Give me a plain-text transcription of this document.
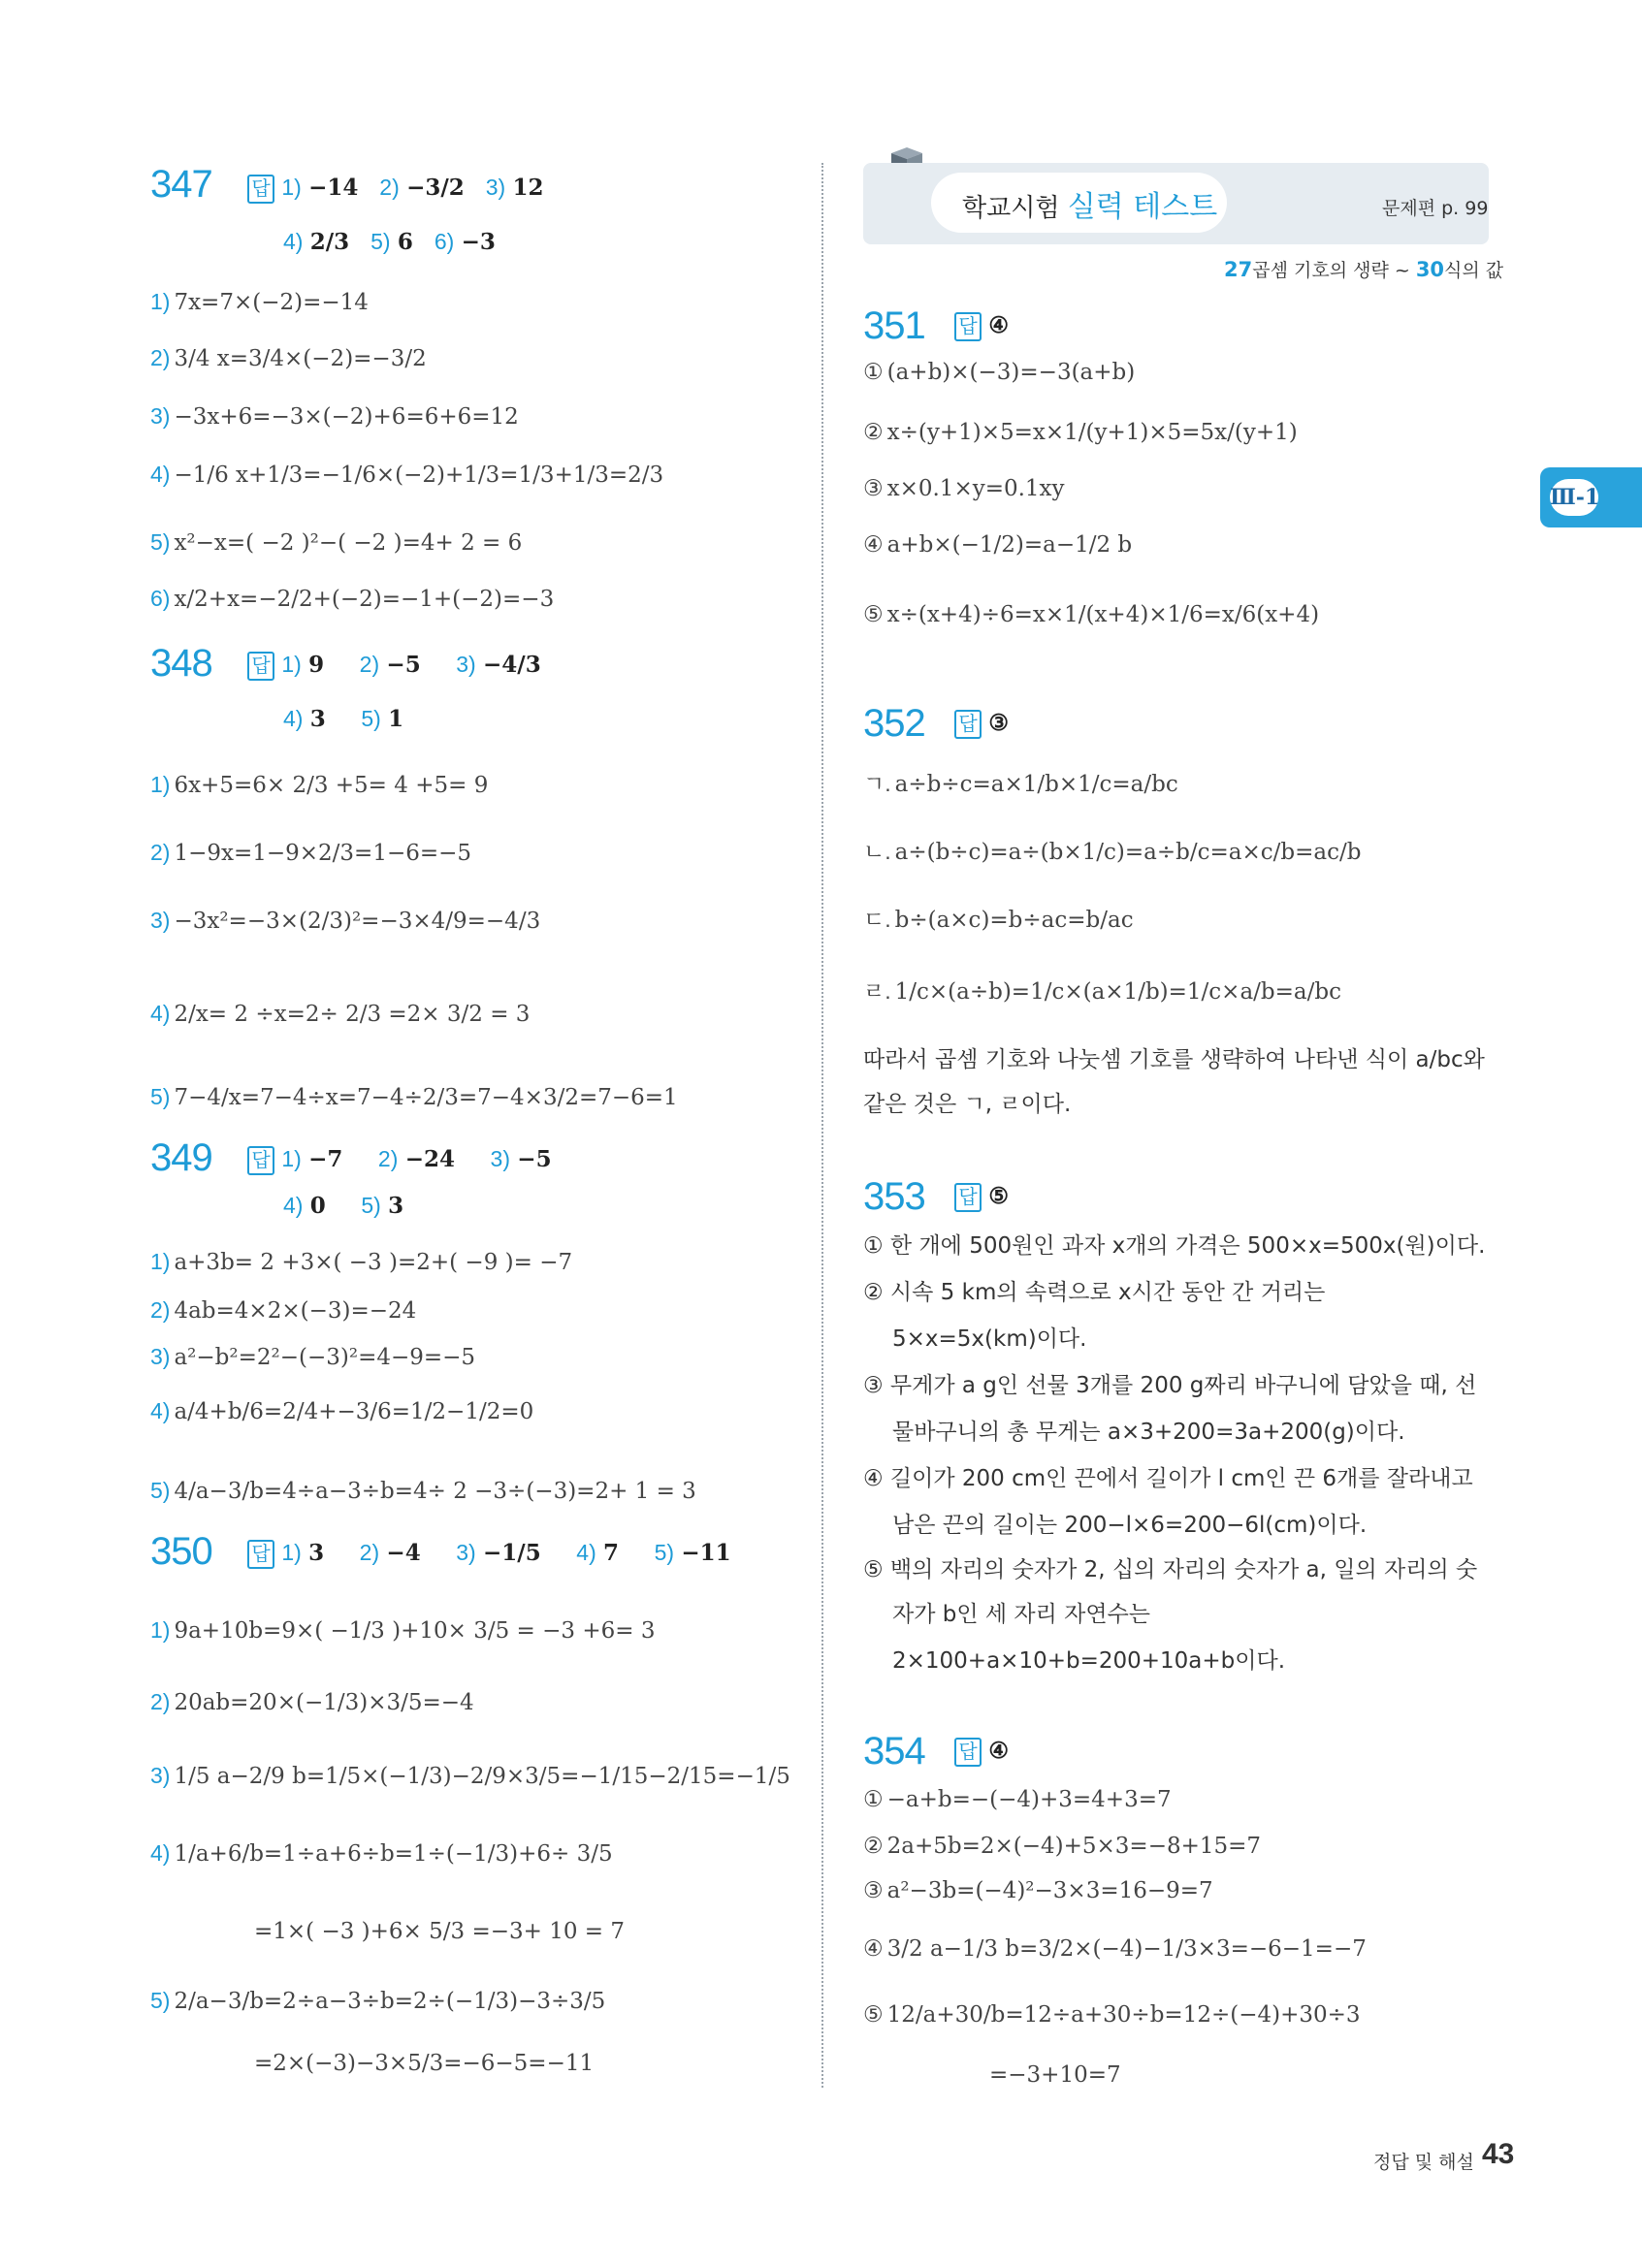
학교시험 실력 테스트	문제편 p. 99
27곱셈 기호의 생략 ~ 30식의 값
Ⅲ-1
347 답 1) −14 2) −3/2 3) 12
4) 2/3 5) 6 6) −3
1) 7x=7×(−2)=−14
2) 3/4 x=3/4×(−2)=−3/2
3) −3x+6=−3×(−2)+6=6+6=12
4) −1/6 x+1/3=−1/6×(−2)+1/3=1/3+1/3=2/3
5) x²−x=( −2 )²−( −2 )=4+ 2 = 6
6) x/2+x=−2/2+(−2)=−1+(−2)=−3
348 답 1) 9 2) −5 3) −4/3
4) 3 5) 1
1) 6x+5=6× 2/3 +5= 4 +5= 9
2) 1−9x=1−9×2/3=1−6=−5
3) −3x²=−3×(2/3)²=−3×4/9=−4/3
4) 2/x= 2 ÷x=2÷ 2/3 =2× 3/2 = 3
5) 7−4/x=7−4÷x=7−4÷2/3=7−4×3/2=7−6=1
349 답 1) −7 2) −24 3) −5
4) 0 5) 3
1) a+3b= 2 +3×( −3 )=2+( −9 )= −7
2) 4ab=4×2×(−3)=−24
3) a²−b²=2²−(−3)²=4−9=−5
4) a/4+b/6=2/4+−3/6=1/2−1/2=0
5) 4/a−3/b=4÷a−3÷b=4÷ 2 −3÷(−3)=2+ 1 = 3
350 답 1) 3 2) −4 3) −1/5 4) 7 5) −11
1) 9a+10b=9×( −1/3 )+10× 3/5 = −3 +6= 3
2) 20ab=20×(−1/3)×3/5=−4
3) 1/5 a−2/9 b=1/5×(−1/3)−2/9×3/5=−1/15−2/15=−1/5
4) 1/a+6/b=1÷a+6÷b=1÷(−1/3)+6÷ 3/5
=1×( −3 )+6× 5/3 =−3+ 10 = 7
5) 2/a−3/b=2÷a−3÷b=2÷(−1/3)−3÷3/5
=2×(−3)−3×5/3=−6−5=−11
351 답 ④
① (a+b)×(−3)=−3(a+b)
② x÷(y+1)×5=x×1/(y+1)×5=5x/(y+1)
③ x×0.1×y=0.1xy
④ a+b×(−1/2)=a−1/2 b
⑤ x÷(x+4)÷6=x×1/(x+4)×1/6=x/6(x+4)
352 답 ③
ㄱ. a÷b÷c=a×1/b×1/c=a/bc
ㄴ. a÷(b÷c)=a÷(b×1/c)=a÷b/c=a×c/b=ac/b
ㄷ. b÷(a×c)=b÷ac=b/ac
ㄹ. 1/c×(a÷b)=1/c×(a×1/b)=1/c×a/b=a/bc
따라서 곱셈 기호와 나눗셈 기호를 생략하여 나타낸 식이 a/bc와
같은 것은 ㄱ, ㄹ이다.
353 답 ⑤
① 한 개에 500원인 과자 x개의 가격은 500×x=500x(원)이다.
② 시속 5 km의 속력으로 x시간 동안 간 거리는
5×x=5x(km)이다.
③ 무게가 a g인 선물 3개를 200 g짜리 바구니에 담았을 때, 선
물바구니의 총 무게는 a×3+200=3a+200(g)이다.
④ 길이가 200 cm인 끈에서 길이가 l cm인 끈 6개를 잘라내고
남은 끈의 길이는 200−l×6=200−6l(cm)이다.
⑤ 백의 자리의 숫자가 2, 십의 자리의 숫자가 a, 일의 자리의 숫
자가 b인 세 자리 자연수는
2×100+a×10+b=200+10a+b이다.
354 답 ④
① −a+b=−(−4)+3=4+3=7
② 2a+5b=2×(−4)+5×3=−8+15=7
③ a²−3b=(−4)²−3×3=16−9=7
④ 3/2 a−1/3 b=3/2×(−4)−1/3×3=−6−1=−7
⑤ 12/a+30/b=12÷a+30÷b=12÷(−4)+30÷3
=−3+10=7
정답 및 해설 43
